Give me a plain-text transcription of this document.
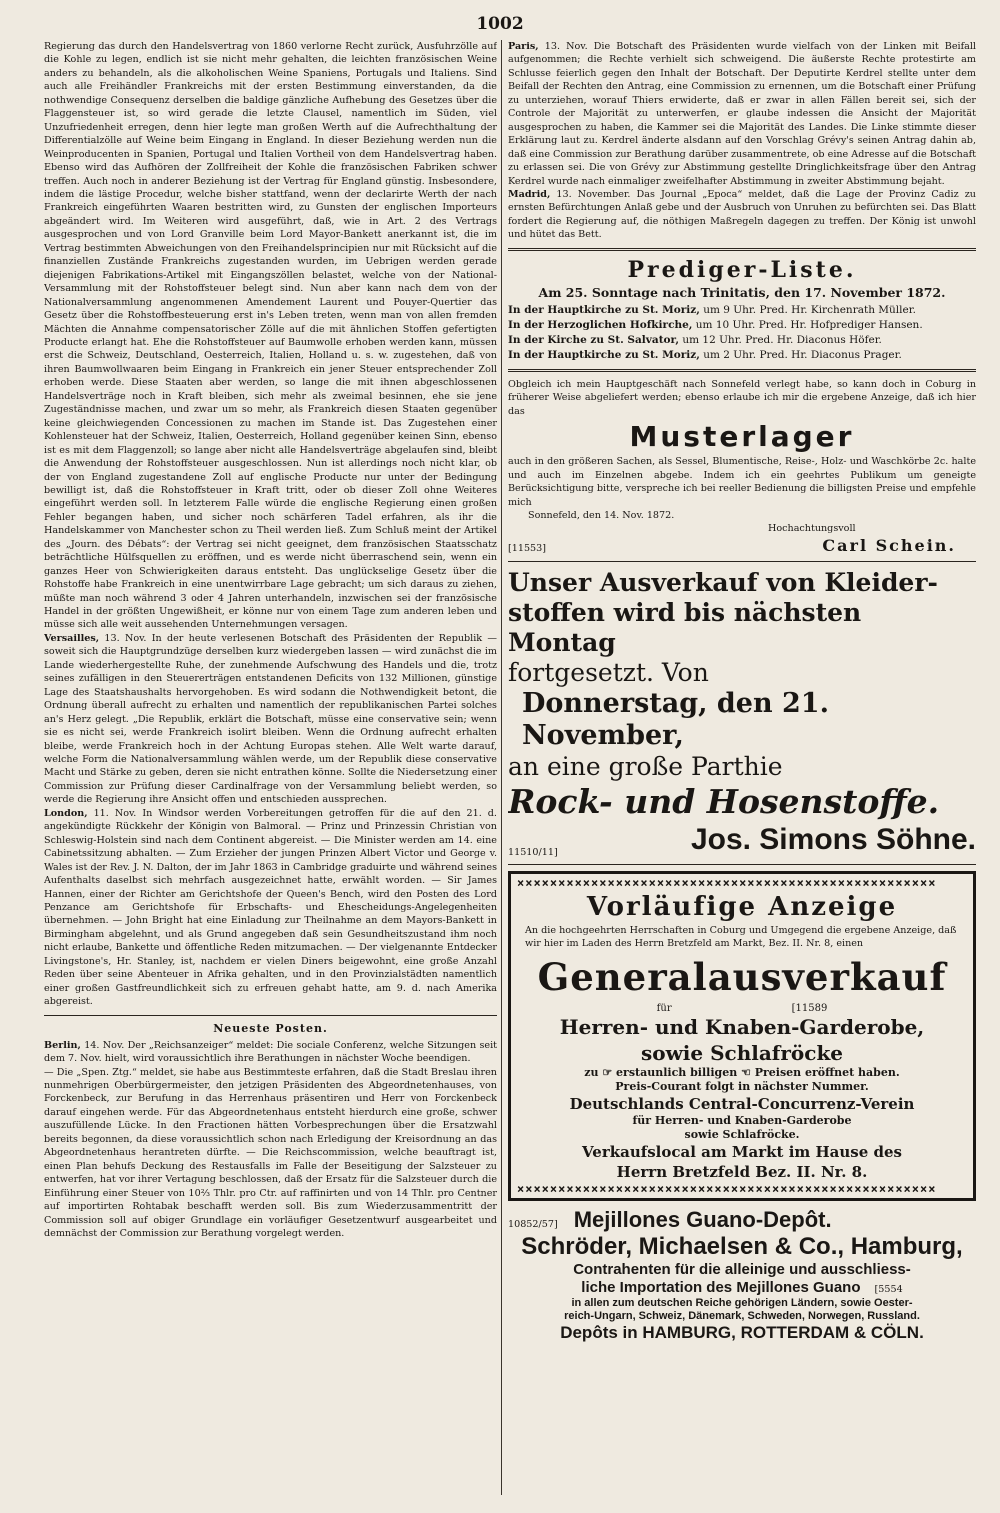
1002

Regierung das durch den Handelsvertrag von 1860 verlorne Recht zurück, Ausfuhrzölle auf die Kohle zu legen, endlich ist sie nicht mehr gehalten, die leichten französischen Weine anders zu behandeln, als die alkoholischen Weine Spaniens, Portugals und Italiens. Sind auch alle Freihändler Frankreichs mit der ersten Bestimmung einverstanden, da die nothwendige Consequenz derselben die baldige gänzliche Aufhebung des Gesetzes über die Flaggensteuer ist, so wird gerade die letzte Clausel, namentlich im Süden, viel Unzufriedenheit erregen, denn hier legte man großen Werth auf die Aufrechthaltung der Differentialzölle auf Weine beim Eingang in England. In dieser Beziehung werden nun die Weinproducenten in Spanien, Portugal und Italien Vortheil von dem Handelsvertrag haben. Ebenso wird das Aufhören der Zollfreiheit der Kohle die französischen Fabriken schwer treffen. Auch noch in anderer Beziehung ist der Vertrag für England günstig. Insbesondere, indem die lästige Procedur, welche bisher stattfand, wenn der declarirte Werth der nach Frankreich eingeführten Waaren bestritten wird, zu Gunsten der englischen Importeurs abgeändert wird. Im Weiteren wird ausgeführt, daß, wie in Art. 2 des Vertrags ausgesprochen und von Lord Granville beim Lord Mayor-Bankett anerkannt ist, die im Vertrag bestimmten Abweichungen von den Freihandelsprincipien nur mit Rücksicht auf die finanziellen Zustände Frankreichs zugestanden wurden, im Uebrigen werden gerade diejenigen Fabrikations-Artikel mit Eingangszöllen belastet, welche von der National-Versammlung mit der Rohstoffsteuer belegt sind. Nun aber kann nach dem von der Nationalversammlung angenommenen Amendement Laurent und Pouyer-Quertier das Gesetz über die Rohstoffbesteuerung erst in's Leben treten, wenn man von allen fremden Mächten die Annahme compensatorischer Zölle auf die mit ähnlichen Stoffen gefertigten Producte erlangt hat. Ehe die Rohstoffsteuer auf Baumwolle erhoben werden kann, müssen erst die Schweiz, Deutschland, Oesterreich, Italien, Holland u. s. w. zugestehen, daß von ihren Baumwollwaaren beim Eingang in Frankreich ein jener Steuer entsprechender Zoll erhoben werde. Diese Staaten aber werden, so lange die mit ihnen abgeschlossenen Handelsverträge noch in Kraft bleiben, sich mehr als zweimal besinnen, ehe sie jene Zugeständnisse machen, und zwar um so mehr, als Frankreich diesen Staaten gegenüber keine gleichwiegenden Concessionen zu machen im Stande ist. Das Zugestehen einer Kohlensteuer hat der Schweiz, Italien, Oesterreich, Holland gegenüber keinen Sinn, ebenso ist es mit dem Flaggenzoll; so lange aber nicht alle Handelsverträge abgelaufen sind, bleibt die Anwendung der Rohstoffsteuer ausgeschlossen. Nun ist allerdings noch nicht klar, ob der von England zugestandene Zoll auf englische Producte nur unter der Bedingung bewilligt ist, daß die Rohstoffsteuer in Kraft tritt, oder ob dieser Zoll ohne Weiteres eingeführt werden soll. In letzterem Falle würde die englische Regierung einen großen Fehler begangen haben, und sicher noch schärferen Tadel erfahren, als ihr die Handelskammer von Manchester schon zu Theil werden ließ. Zum Schluß meint der Artikel des „Journ. des Débats“: der Vertrag sei nicht geeignet, dem französischen Staatsschatz beträchtliche Hülfsquellen zu eröffnen, und es werde nicht überraschend sein, wenn ein ganzes Heer von Schwierigkeiten daraus entsteht. Das unglückselige Gesetz über die Rohstoffe habe Frankreich in eine unentwirrbare Lage gebracht; um sich daraus zu ziehen, müßte man noch während 3 oder 4 Jahren unterhandeln, inzwischen sei der französische Handel in der größten Ungewißheit, er könne nur von einem Tage zum anderen leben und müsse sich alle weit aussehenden Unternehmungen versagen.

Versailles, 13. Nov. In der heute verlesenen Botschaft des Präsidenten der Republik — soweit sich die Hauptgrundzüge derselben kurz wiedergeben lassen — wird zunächst die im Lande wiederhergestellte Ruhe, der zunehmende Aufschwung des Handels und die, trotz seines zufälligen in den Steuererträgen entstandenen Deficits von 132 Millionen, günstige Lage des Staatshaushalts hervorgehoben. Es wird sodann die Nothwendigkeit betont, die Ordnung überall aufrecht zu erhalten und namentlich der republikanischen Partei solches an's Herz gelegt. „Die Republik, erklärt die Botschaft, müsse eine conservative sein; wenn sie es nicht sei, werde Frankreich isolirt bleiben. Wenn die Ordnung aufrecht erhalten bleibe, werde Frankreich hoch in der Achtung Europas stehen. Alle Welt warte darauf, welche Form die Nationalversammlung wählen werde, um der Republik diese conservative Macht und Stärke zu geben, deren sie nicht entrathen könne. Sollte die Niedersetzung einer Commission zur Prüfung dieser Cardinalfrage von der Versammlung beliebt werden, so werde die Regierung ihre Ansicht offen und entschieden aussprechen.

London, 11. Nov. In Windsor werden Vorbereitungen getroffen für die auf den 21. d. angekündigte Rückkehr der Königin von Balmoral. — Prinz und Prinzessin Christian von Schleswig-Holstein sind nach dem Continent abgereist. — Die Minister werden am 14. eine Cabinetssitzung abhalten. — Zum Erzieher der jungen Prinzen Albert Victor und George v. Wales ist der Rev. J. N. Dalton, der im Jahr 1863 in Cambridge graduirte und während seines Aufenthalts daselbst sich mehrfach ausgezeichnet hatte, erwählt worden. — Sir James Hannen, einer der Richter am Gerichtshofe der Queen's Bench, wird den Posten des Lord Penzance am Gerichtshofe für Erbschafts- und Ehescheidungs-Angelegenheiten übernehmen. — John Bright hat eine Einladung zur Theilnahme an dem Mayors-Bankett in Birmingham abgelehnt, und als Grund angegeben daß sein Gesundheitszustand ihm noch nicht erlaube, Bankette und öffentliche Reden mitzumachen. — Der vielgenannte Entdecker Livingstone's, Hr. Stanley, ist, nachdem er vielen Diners beigewohnt, eine große Anzahl Reden über seine Abenteuer in Afrika gehalten, und in den Provinzialstädten namentlich einer großen Gastfreundlichkeit sich zu erfreuen gehabt hatte, am 9. d. nach Amerika abgereist.

Neueste Posten.

Berlin, 14. Nov. Der „Reichsanzeiger“ meldet: Die sociale Conferenz, welche Sitzungen seit dem 7. Nov. hielt, wird voraussichtlich ihre Berathungen in nächster Woche beendigen.

— Die „Spen. Ztg.“ meldet, sie habe aus Bestimmteste erfahren, daß die Stadt Breslau ihren nunmehrigen Oberbürgermeister, den jetzigen Präsidenten des Abgeordnetenhauses, von Forckenbeck, zur Berufung in das Herrenhaus präsentiren und Herr von Forckenbeck darauf eingehen werde. Für das Abgeordnetenhaus entsteht hierdurch eine große, schwer auszufüllende Lücke. In den Fractionen hätten Vorbesprechungen über die Ersatzwahl bereits begonnen, da diese voraussichtlich schon nach Erledigung der Kreisordnung an das Abgeordnetenhaus herantreten dürfte. — Die Reichscommission, welche beauftragt ist, einen Plan behufs Deckung des Restausfalls im Falle der Beseitigung der Salzsteuer zu entwerfen, hat vor ihrer Vertagung beschlossen, daß der Ersatz für die Salzsteuer durch die Einführung einer Steuer von 10⅔ Thlr. pro Ctr. auf raffinirten und von 14 Thlr. pro Centner auf importirten Rohtabak beschafft werden soll. Bis zum Wiederzusammentritt der Commission soll auf obiger Grundlage ein vorläufiger Gesetzentwurf ausgearbeitet und demnächst der Commission zur Berathung vorgelegt werden.

Paris, 13. Nov. Die Botschaft des Präsidenten wurde vielfach von der Linken mit Beifall aufgenommen; die Rechte verhielt sich schweigend. Die äußerste Rechte protestirte am Schlusse feierlich gegen den Inhalt der Botschaft. Der Deputirte Kerdrel stellte unter dem Beifall der Rechten den Antrag, eine Commission zu ernennen, um die Botschaft einer Prüfung zu unterziehen, worauf Thiers erwiderte, daß er zwar in allen Fällen bereit sei, sich der Controle der Majorität zu unterwerfen, er glaube indessen die Ansicht der Majorität ausgesprochen zu haben, die Kammer sei die Majorität des Landes. Die Linke stimmte dieser Erklärung laut zu. Kerdrel änderte alsdann auf den Vorschlag Grévy's seinen Antrag dahin ab, daß eine Commission zur Berathung darüber zusammentrete, ob eine Adresse auf die Botschaft zu erlassen sei. Die von Grévy zur Abstimmung gestellte Dringlichkeitsfrage über den Antrag Kerdrel wurde nach einmaliger zweifelhafter Abstimmung in zweiter Abstimmung bejaht.

Madrid, 13. November. Das Journal „Epoca“ meldet, daß die Lage der Provinz Cadiz zu ernsten Befürchtungen Anlaß gebe und der Ausbruch von Unruhen zu befürchten sei. Das Blatt fordert die Regierung auf, die nöthigen Maßregeln dagegen zu treffen. Der König ist unwohl und hütet das Bett.

Prediger-Liste.
Am 25. Sonntage nach Trinitatis, den 17. November 1872.

In der Hauptkirche zu St. Moriz, um 9 Uhr. Pred. Hr. Kirchenrath Müller.

In der Herzoglichen Hofkirche, um 10 Uhr. Pred. Hr. Hofprediger Hansen.

In der Kirche zu St. Salvator, um 12 Uhr. Pred. Hr. Diaconus Höfer.

In der Hauptkirche zu St. Moriz, um 2 Uhr. Pred. Hr. Diaconus Prager.

Obgleich ich mein Hauptgeschäft nach Sonnefeld verlegt habe, so kann doch in Coburg in früherer Weise abgeliefert werden; ebenso erlaube ich mir die ergebene Anzeige, daß ich hier das

Musterlager

auch in den größeren Sachen, als Sessel, Blumentische, Reise-, Holz- und Waschkörbe 2c. halte und auch im Einzelnen abgebe. Indem ich ein geehrtes Publikum um geneigte Berücksichtigung bitte, verspreche ich bei reeller Bedienung die billigsten Preise und empfehle mich

Sonnefeld, den 14. Nov. 1872.

Hochachtungsvoll

[11553]	Carl Schein.

Unser Ausverkauf von Kleider-

stoffen wird bis nächsten Montag

fortgesetzt. Von

Donnerstag, den 21. November,

an eine große Parthie

Rock- und Hosenstoffe.

11510/11]	Jos. Simons Söhne.
×××××××××××××××××××××××××××××××××××××××××××××××××××
Vorläufige Anzeige

An die hochgeehrten Herrschaften in Coburg und Umgegend die ergebene Anzeige, daß wir hier im Laden des Herrn Bretzfeld am Markt, Bez. II. Nr. 8, einen

Generalausverkauf
für	[11589

Herren- und Knaben-Garderobe,

sowie Schlafröcke

zu ☞ erstaunlich billigen ☜ Preisen eröffnet haben.

Preis-Courant folgt in nächster Nummer.

Deutschlands Central-Concurrenz-Verein

für Herren- und Knaben-Garderobe

sowie Schlafröcke.

Verkaufslocal am Markt im Hause des

Herrn Bretzfeld Bez. II. Nr. 8.

×××××××××××××××××××××××××××××××××××××××××××××××××××
10852/57] Mejillones Guano-Depôt.

Schröder, Michaelsen & Co., Hamburg,

Contrahenten für die alleinige und ausschliess-

liche Importation des Mejillones Guano [5554

in allen zum deutschen Reiche gehörigen Ländern, sowie Oester-

reich-Ungarn, Schweiz, Dänemark, Schweden, Norwegen, Russland.

Depôts in HAMBURG, ROTTERDAM & CÖLN.
